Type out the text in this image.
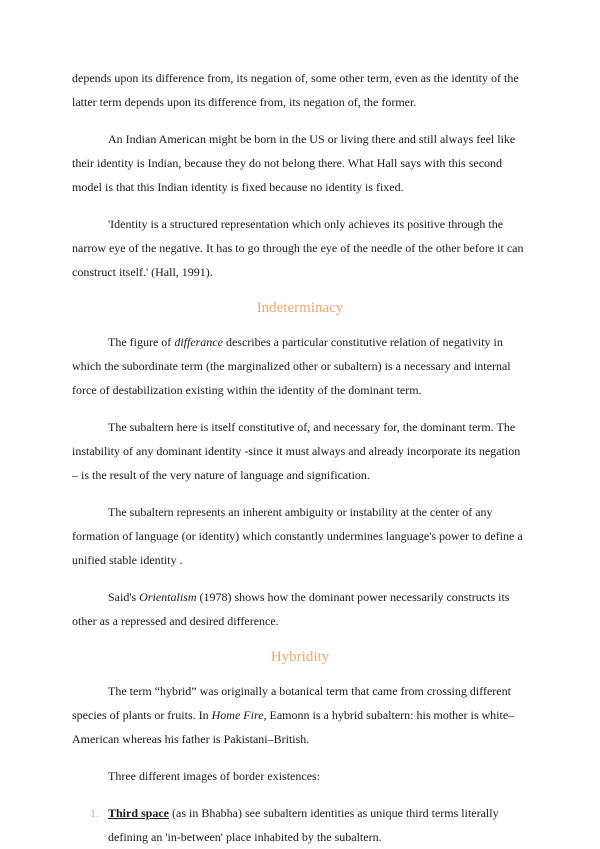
depends upon its difference from, its negation of, some other term, even as the identity of the latter term depends upon its difference from, its negation of, the former.

An Indian American might be born in the US or living there and still always feel like their identity is Indian, because they do not belong there. What Hall says with this second model is that this Indian identity is fixed because no identity is fixed.

'Identity is a structured representation which only achieves its positive through the narrow eye of the negative. It has to go through the eye of the needle of the other before it can construct itself.' (Hall, 1991).

Indeterminacy

The figure of differance describes a particular constitutive relation of negativity in which the subordinate term (the marginalized other or subaltern) is a necessary and internal force of destabilization existing within the identity of the dominant term.

The subaltern here is itself constitutive of, and necessary for, the dominant term. The instability of any dominant identity -since it must always and already incorporate its negation – is the result of the very nature of language and signification.

The subaltern represents an inherent ambiguity or instability at the center of any formation of language (or identity) which constantly undermines language's power to define a unified stable identity .

Said's Orientalism (1978) shows how the dominant power necessarily constructs its other as a repressed and desired difference.

Hybridity

The term “hybrid” was originally a botanical term that came from crossing different species of plants or fruits. In Home Fire, Eamonn is a hybrid subaltern: his mother is white–American whereas his father is Pakistani–British.

Three different images of border existences:

1. Third space (as in Bhabha) see subaltern identities as unique third terms literally defining an 'in-between' place inhabited by the subaltern.
